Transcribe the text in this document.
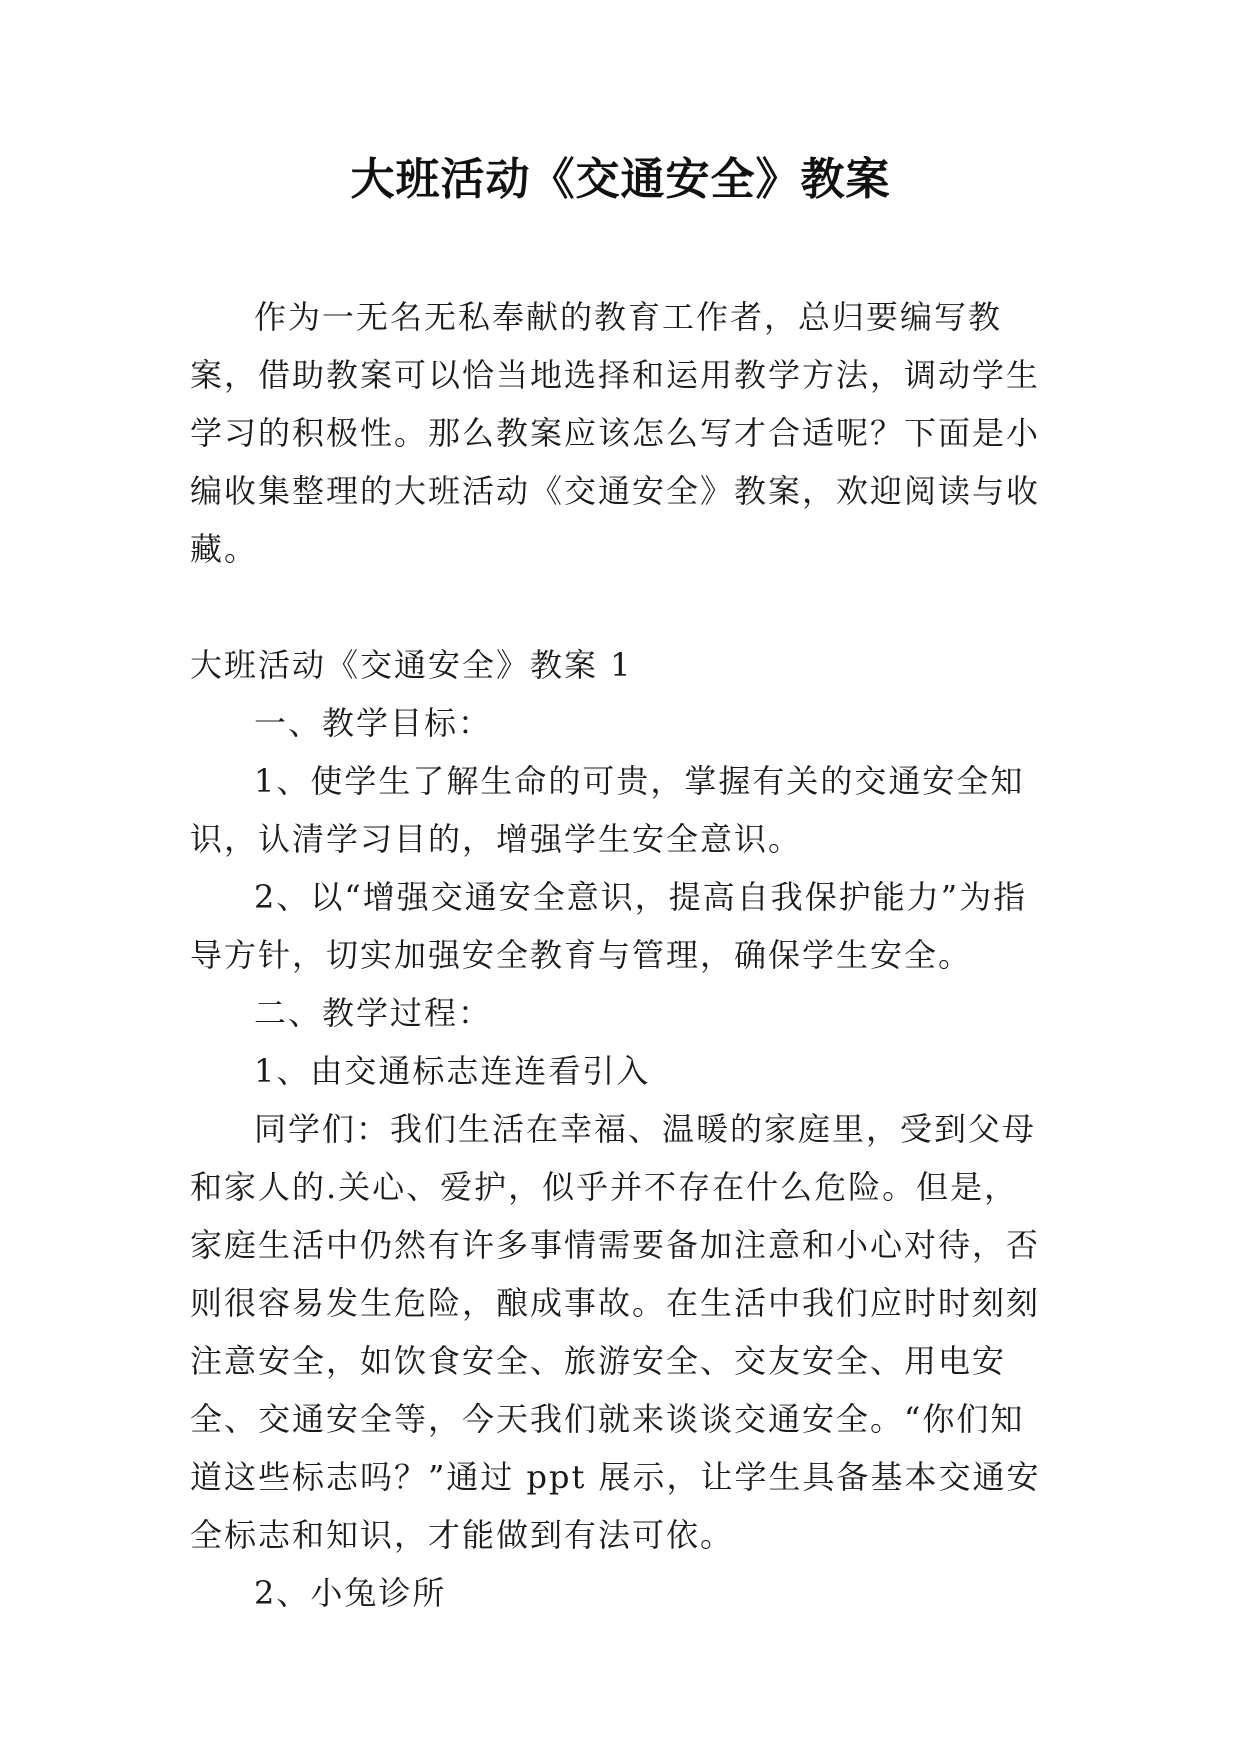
大班活动《交通安全》教案

作为一无名无私奉献的教育工作者，总归要编写教案，借助教案可以恰当地选择和运用教学方法，调动学生学习的积极性。那么教案应该怎么写才合适呢？下面是小编收集整理的大班活动《交通安全》教案，欢迎阅读与收藏。

大班活动《交通安全》教案 1

一、教学目标：

1、使学生了解生命的可贵，掌握有关的交通安全知识，认清学习目的，增强学生安全意识。

2、以“增强交通安全意识，提高自我保护能力”为指导方针，切实加强安全教育与管理，确保学生安全。

二、教学过程：

1、由交通标志连连看引入

同学们：我们生活在幸福、温暖的家庭里，受到父母和家人的.关心、爱护，似乎并不存在什么危险。但是，家庭生活中仍然有许多事情需要备加注意和小心对待，否则很容易发生危险，酿成事故。在生活中我们应时时刻刻注意安全，如饮食安全、旅游安全、交友安全、用电安全、交通安全等，今天我们就来谈谈交通安全。“你们知道这些标志吗？”通过 ppt 展示，让学生具备基本交通安全标志和知识，才能做到有法可依。

2、小兔诊所
